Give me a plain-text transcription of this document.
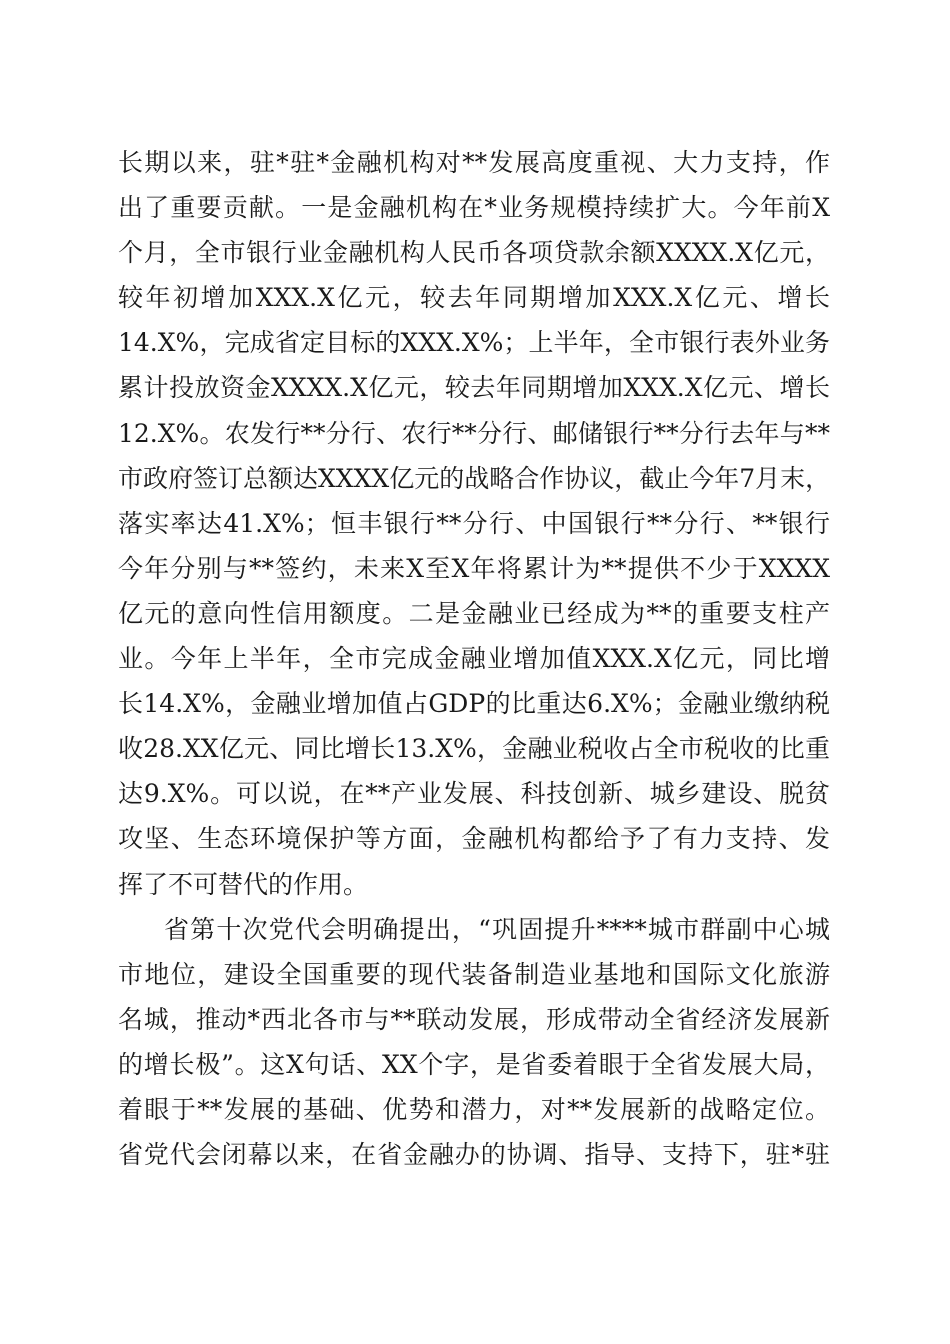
长期以来，驻*驻*金融机构对**发展高度重视、大力支持，作
出了重要贡献。一是金融机构在*业务规模持续扩大。今年前X
个月，全市银行业金融机构人民币各项贷款余额XXXX.X亿元，
较年初增加XXX.X亿元，较去年同期增加XXX.X亿元、增长
14.X%，完成省定目标的XXX.X%；上半年，全市银行表外业务
累计投放资金XXXX.X亿元，较去年同期增加XXX.X亿元、增长
12.X%。农发行**分行、农行**分行、邮储银行**分行去年与**
市政府签订总额达XXXX亿元的战略合作协议，截止今年7月末，
落实率达41.X%；恒丰银行**分行、中国银行**分行、**银行
今年分别与**签约，未来X至X年将累计为**提供不少于XXXX
亿元的意向性信用额度。二是金融业已经成为**的重要支柱产
业。今年上半年，全市完成金融业增加值XXX.X亿元，同比增
长14.X%，金融业增加值占GDP的比重达6.X%；金融业缴纳税
收28.XX亿元、同比增长13.X%，金融业税收占全市税收的比重
达9.X%。可以说，在**产业发展、科技创新、城乡建设、脱贫
攻坚、生态环境保护等方面，金融机构都给予了有力支持、发
挥了不可替代的作用。
省第十次党代会明确提出，“巩固提升****城市群副中心城
市地位，建设全国重要的现代装备制造业基地和国际文化旅游
名城，推动*西北各市与**联动发展，形成带动全省经济发展新
的增长极”。这X句话、XX个字，是省委着眼于全省发展大局，
着眼于**发展的基础、优势和潜力，对**发展新的战略定位。
省党代会闭幕以来，在省金融办的协调、指导、支持下，驻*驻
